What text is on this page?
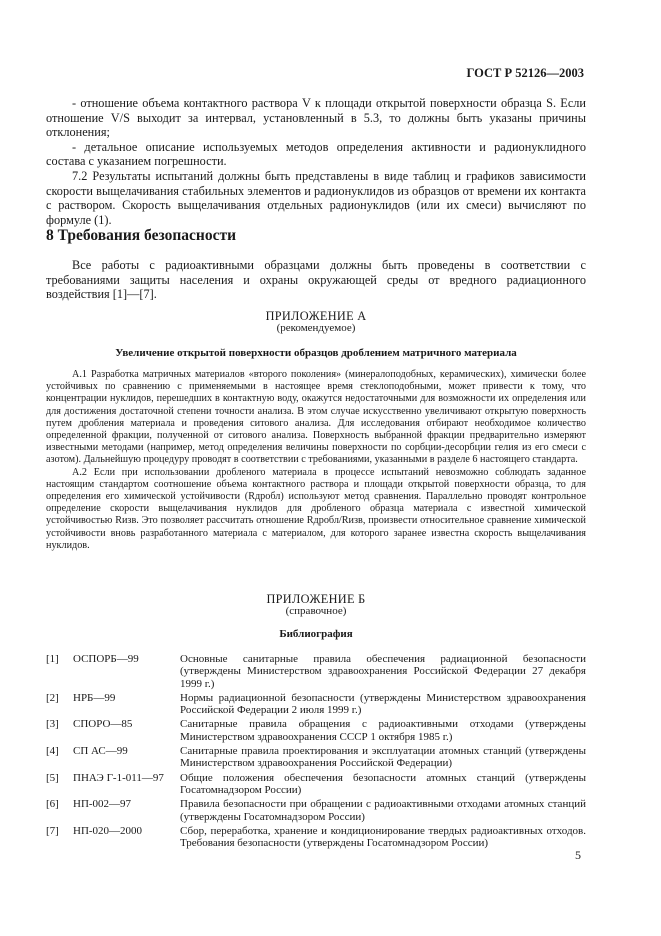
ГОСТ Р 52126—2003

- отношение объема контактного раствора V к площади открытой поверхности образца S. Если отношение V/S выходит за интервал, установленный в 5.3, то должны быть указаны причины отклонения;

- детальное описание используемых методов определения активности и радионуклидного состава с указанием погрешности.

7.2 Результаты испытаний должны быть представлены в виде таблиц и графиков зависимости скорости выщелачивания стабильных элементов и радионуклидов из образцов от времени их контакта с раствором. Скорость выщелачивания отдельных радионуклидов (или их смеси) вычисляют по формуле (1).

8 Требования безопасности

Все работы с радиоактивными образцами должны быть проведены в соответствии с требованиями защиты населения и охраны окружающей среды от вредного радиационного воздействия [1]—[7].

ПРИЛОЖЕНИЕ А
(рекомендуемое)
Увеличение открытой поверхности образцов дроблением матричного материала

А.1 Разработка матричных материалов «второго поколения» (минералоподобных, керамических), химически более устойчивых по сравнению с применяемыми в настоящее время стеклоподобными, может привести к тому, что концентрации нуклидов, перешедших в контактную воду, окажутся недостаточными для возможности их определения или для достижения достаточной степени точности анализа. В этом случае искусственно увеличивают открытую поверхность путем дробления материала и проведения ситового анализа. Для исследования отбирают необходимое количество определенной фракции, полученной от ситового анализа. Поверхность выбранной фракции предварительно измеряют известными методами (например, метод определения величины поверхности по сорбции-десорбции гелия из его смеси с азотом). Дальнейшую процедуру проводят в соответствии с требованиями, указанными в разделе 6 настоящего стандарта.

А.2 Если при использовании дробленого материала в процессе испытаний невозможно соблюдать заданное настоящим стандартом соотношение объема контактного раствора и площади открытой поверхности образца, то для определения его химической устойчивости (Rдробл) используют метод сравнения. Параллельно проводят контрольное определение скорости выщелачивания нуклидов для дробленого образца материала с известной химической устойчивостью Rизв. Это позволяет рассчитать отношение Rдробл/Rизв, произвести относительное сравнение химической устойчивости вновь разработанного материала с материалом, для которого заранее известна скорость выщелачивания нуклидов.

ПРИЛОЖЕНИЕ Б
(справочное)
Библиография
[1]	ОСПОРБ—99	Основные санитарные правила обеспечения радиационной безопасности (утверждены Министерством здравоохранения Российской Федерации 27 декабря 1999 г.)
[2]	НРБ—99	Нормы радиационной безопасности (утверждены Министерством здравоохранения Российской Федерации 2 июля 1999 г.)
[3]	СПОРО—85	Санитарные правила обращения с радиоактивными отходами (утверждены Министерством здравоохранения СССР 1 октября 1985 г.)
[4]	СП АС—99	Санитарные правила проектирования и эксплуатации атомных станций (утверждены Министерством здравоохранения Российской Федерации)
[5]	ПНАЭ Г-1-011—97	Общие положения обеспечения безопасности атомных станций (утверждены Госатомнадзором России)
[6]	НП-002—97	Правила безопасности при обращении с радиоактивными отходами атомных станций (утверждены Госатомнадзором России)
[7]	НП-020—2000	Сбор, переработка, хранение и кондиционирование твердых радиоактивных отходов. Требования безопасности (утверждены Госатомнадзором России)
5
